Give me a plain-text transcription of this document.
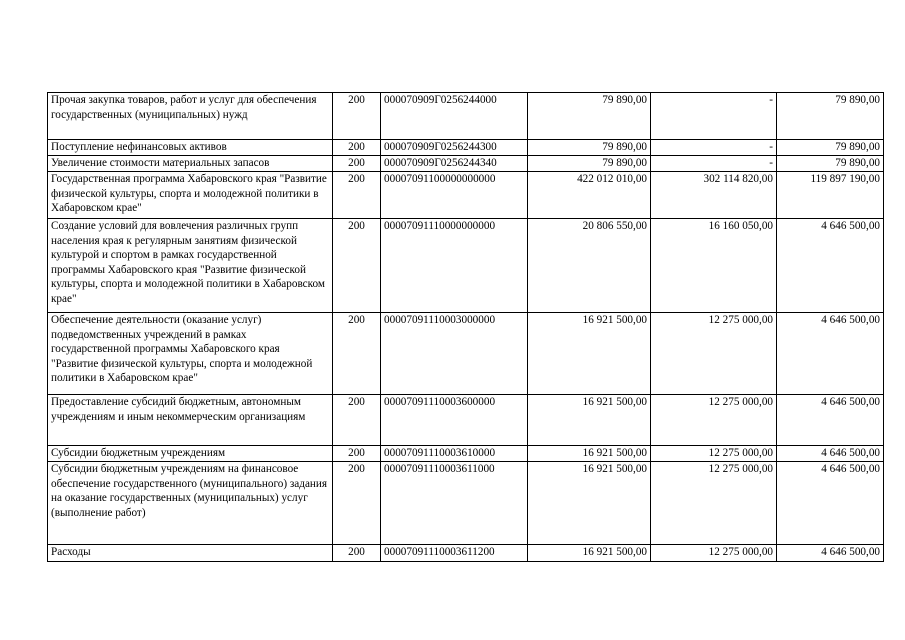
Прочая закупка товаров, работ и услуг для обеспечения государственных (муниципальных) нужд	200	000070909Г0256244000	79 890,00	-	79 890,00
Поступление нефинансовых активов	200	000070909Г0256244300	79 890,00	-	79 890,00
Увеличение стоимости материальных запасов	200	000070909Г0256244340	79 890,00	-	79 890,00
Государственная программа Хабаровского края "Развитие физической культуры, спорта и молодежной политики в Хабаровском крае"	200	00007091100000000000	422 012 010,00	302 114 820,00	119 897 190,00
Создание условий для вовлечения различных групп населения края к регулярным занятиям физической культурой и спортом в рамках государственной программы Хабаровского края "Развитие физической культуры, спорта и молодежной политики в Хабаровском крае"	200	00007091110000000000	20 806 550,00	16 160 050,00	4 646 500,00
Обеспечение деятельности (оказание услуг) подведомственных учреждений в рамках государственной программы Хабаровского края "Развитие физической культуры, спорта и молодежной политики в Хабаровском крае"	200	00007091110003000000	16 921 500,00	12 275 000,00	4 646 500,00
Предоставление субсидий бюджетным, автономным учреждениям и иным некоммерческим организациям	200	00007091110003600000	16 921 500,00	12 275 000,00	4 646 500,00
Субсидии бюджетным учреждениям	200	00007091110003610000	16 921 500,00	12 275 000,00	4 646 500,00
Субсидии бюджетным учреждениям на финансовое обеспечение государственного (муниципального) задания на оказание государственных (муниципальных) услуг (выполнение работ)	200	00007091110003611000	16 921 500,00	12 275 000,00	4 646 500,00
Расходы	200	00007091110003611200	16 921 500,00	12 275 000,00	4 646 500,00
